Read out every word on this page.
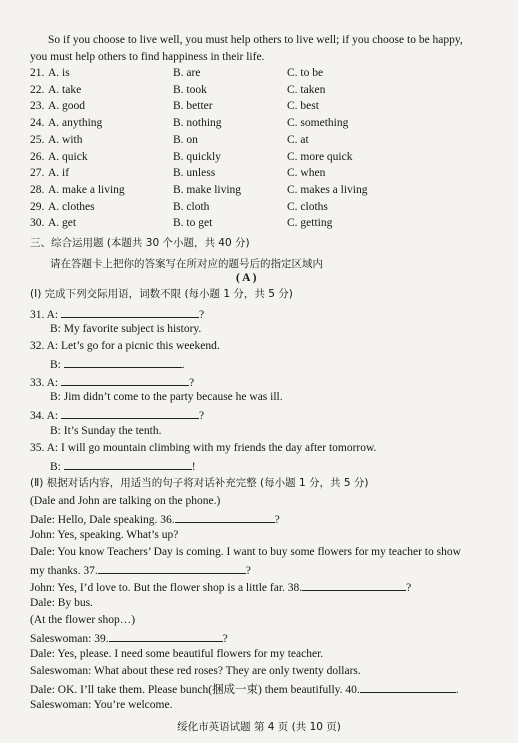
So if you choose to live well, you must help others to live well; if you choose to be happy,
you must help others to find happiness in their life.
21. A. is	B. are	C. to be
22. A. take	B. took	C. taken
23. A. good	B. better	C. best
24. A. anything	B. nothing	C. something
25. A. with	B. on	C. at
26. A. quick	B. quickly	C. more quick
27. A. if	B. unless	C. when
28. A. make a living	B. make living	C. makes a living
29. A. clothes	B. cloth	C. cloths
30. A. get	B. to get	C. getting
三、综合运用题 (本题共 30 个小题，共 40 分)
请在答题卡上把你的答案写在所对应的题号后的指定区域内
( A )
(Ⅰ) 完成下列交际用语，词数不限 (每小题 1 分，共 5 分)
31. A:	?
B: My favorite subject is history.
32. A: Let’s go for a picnic this weekend.
B:	.
33. A:	?
B: Jim didn’t come to the party because he was ill.
34. A:	?
B: It’s Sunday the tenth.
35. A: I will go mountain climbing with my friends the day after tomorrow.
B:	!
(Ⅱ) 根据对话内容，用适当的句子将对话补充完整 (每小题 1 分，共 5 分)
(Dale and John are talking on the phone.)
Dale: Hello, Dale speaking. 36.	?
John: Yes, speaking. What’s up?
Dale: You know Teachers’ Day is coming. I want to buy some flowers for my teacher to show
my thanks. 37.	?
John: Yes, I’d love to. But the flower shop is a little far. 38.	?
Dale: By bus.
(At the flower shop…)
Saleswoman: 39.	?
Dale: Yes, please. I need some beautiful flowers for my teacher.
Saleswoman: What about these red roses? They are only twenty dollars.
Dale: OK. I’ll take them. Please bunch(捆成一束) them beautifully. 40.	.
Saleswoman: You’re welcome.
绥化市英语试题 第 4 页 (共 10 页)
